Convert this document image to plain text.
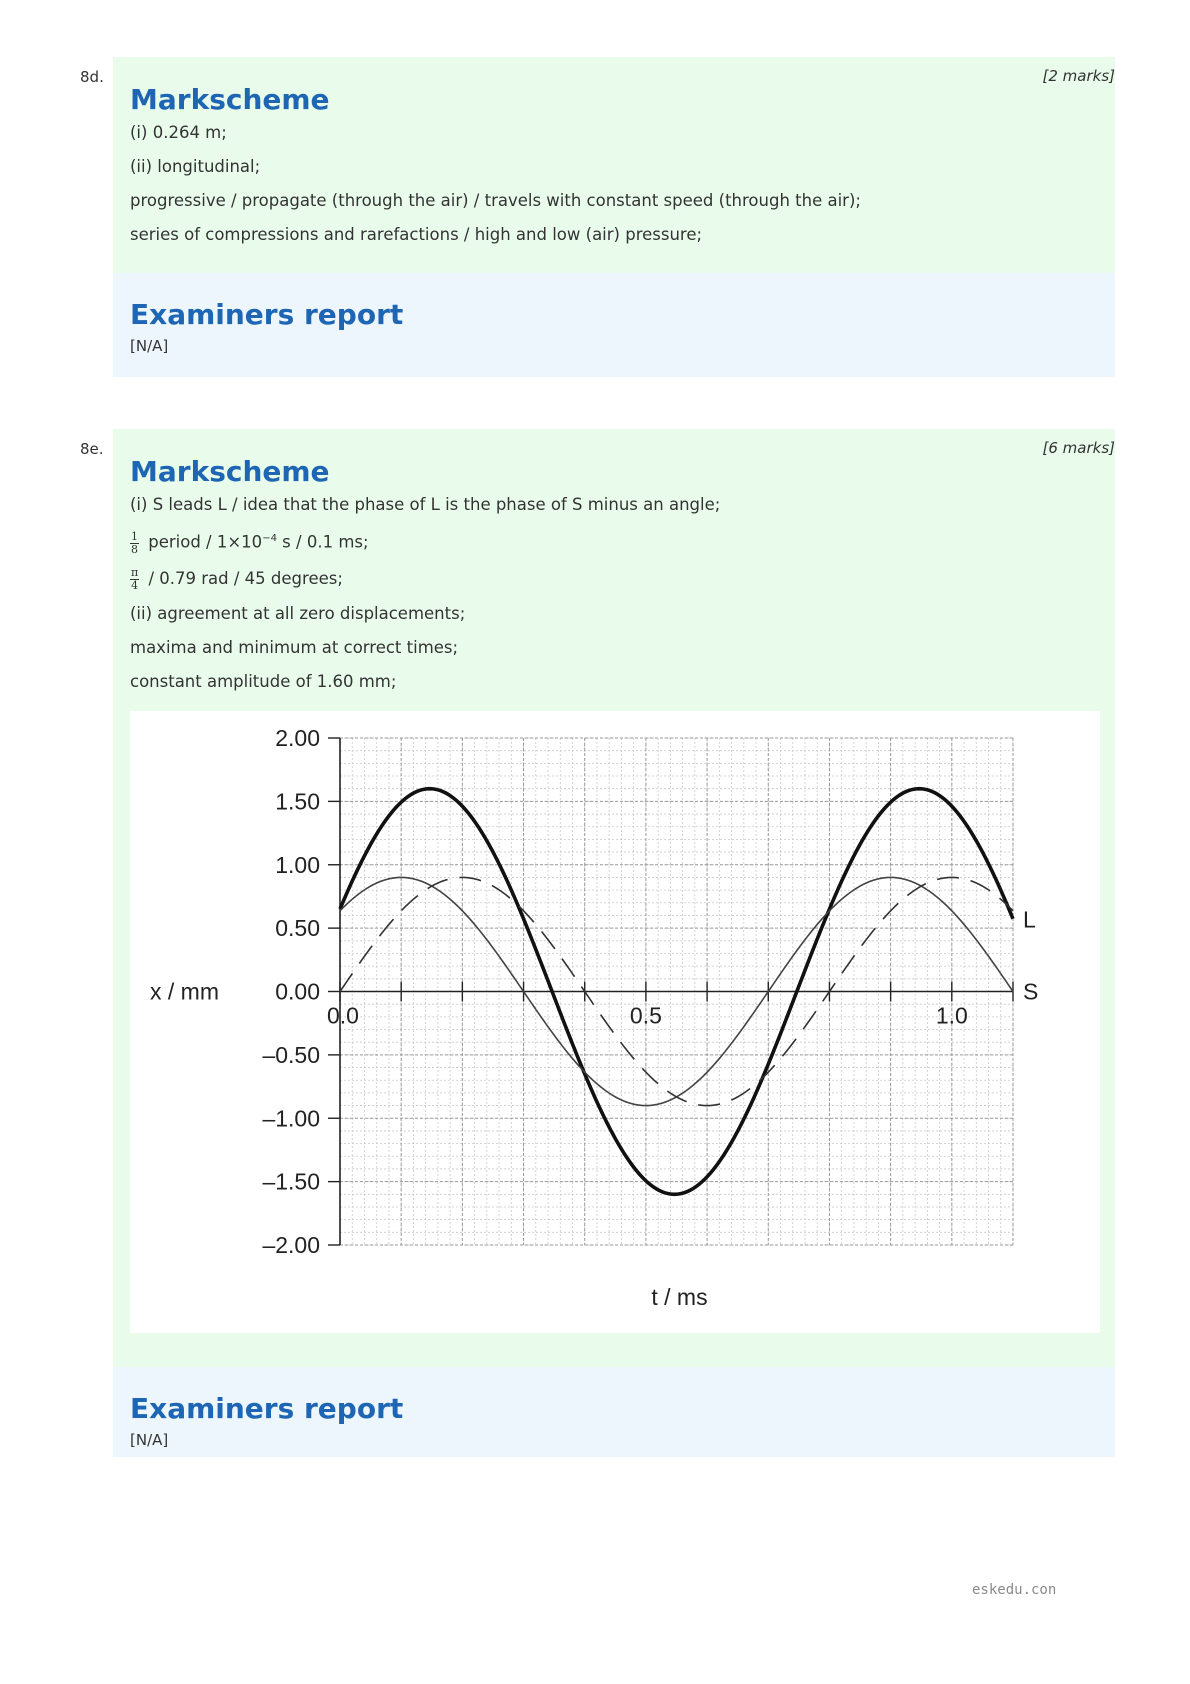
8d.	[2 marks]
Markscheme

(i) 0.264 m;

(ii) longitudinal;

progressive / propagate (through the air) / travels with constant speed (through the air);

series of compressions and rarefactions / high and low (air) pressure;

Examiners report
[N/A]
8e.	[6 marks]
Markscheme

(i) S leads L / idea that the phase of L is the phase of S minus an angle;

$\frac{1}{8}$ period / $1\times 10^{-4}$ s / 0.1 ms;

$\frac{\pi}{4} / 0.79$ rad / 45 degrees;

(ii) agreement at all zero displacements;

maxima and minimum at correct times;

constant amplitude of 1.60 mm;

2.00
1.50
1.00
0.50
0.00
–0.50
–1.00
–1.50
–2.00
0.0	0.5	1.0
x / mm
t / ms
L
S
Examiners report
[N/A]
eskedu.con
